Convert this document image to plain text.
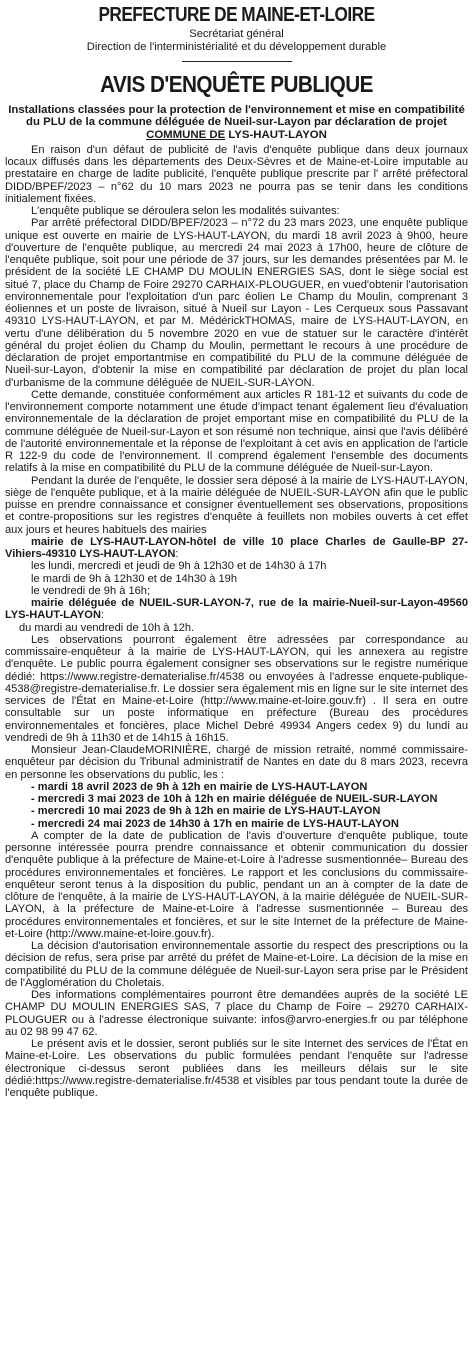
PREFECTURE DE MAINE-ET-LOIRE
Secrétariat général
Direction de l'interministérialité et du développement durable
AVIS D'ENQUÊTE PUBLIQUE
Installations classées pour la protection de l'environnement et mise en compatibilité du PLU de la commune déléguée de Nueil-sur-Layon par déclaration de projet COMMUNE DE LYS-HAUT-LAYON

En raison d'un défaut de publicité de l'avis d'enquête publique dans deux journaux locaux diffusés dans les départements des Deux-Sèvres et de Maine-et-Loire imputable au prestataire en charge de ladite publicité, l'enquête publique prescrite par l' arrêté préfectoral DIDD/BPEF/2023 – n°62 du 10 mars 2023 ne pourra pas se tenir dans les conditions initialement fixées.

L'enquête publique se déroulera selon les modalités suivantes:

Par arrêté préfectoral DIDD/BPEF/2023 – n°72 du 23 mars 2023, une enquête publique unique est ouverte en mairie de LYS-HAUT-LAYON, du mardi 18 avril 2023 à 9h00, heure d'ouverture de l'enquête publique, au mercredi 24 mai 2023 à 17h00, heure de clôture de l'enquête publique, soit pour une période de 37 jours, sur les demandes présentées par M. le président de la société LE CHAMP DU MOULIN ENERGIES SAS, dont le siège social est situé 7, place du Champ de Foire 29270 CARHAIX-PLOUGUER, en vued'obtenir l'autorisation environnementale pour l'exploitation d'un parc éolien Le Champ du Moulin, comprenant 3 éoliennes et un poste de livraison, situé à Nueil sur Layon - Les Cerqueux sous Passavant 49310 LYS-HAUT-LAYON, et par M. MédérickTHOMAS, maire de LYS-HAUT-LAYON, en vertu d'une délibération du 5 novembre 2020 en vue de statuer sur le caractère d'intérêt général du projet éolien du Champ du Moulin, permettant le recours à une procédure de déclaration de projet emportantmise en compatibilité du PLU de la commune déléguée de Nueil-sur-Layon, d'obtenir la mise en compatibilité par déclaration de projet du plan local d'urbanisme de la commune déléguée de NUEIL-SUR-LAYON.

Cette demande, constituée conformément aux articles R 181-12 et suivants du code de l'environnement comporte notamment une étude d'impact tenant également lieu d'évaluation environnementale de la déclaration de projet emportant mise en compatibilité du PLU de la commune déléguée de Nueil-sur-Layon et son résumé non technique, ainsi que l'avis délibéré de l'autorité environnementale et la réponse de l'exploitant à cet avis en application de l'article R 122-9 du code de l'environnement. Il comprend également l'ensemble des documents relatifs à la mise en compatibilité du PLU de la commune déléguée de Nueil-sur-Layon.

Pendant la durée de l'enquête, le dossier sera déposé à la mairie de LYS-HAUT-LAYON, siège de l'enquête publique, et à la mairie déléguée de NUEIL-SUR-LAYON afin que le public puisse en prendre connaissance et consigner éventuellement ses observations, propositions et contre-propositions sur les registres d'enquête à feuillets non mobiles ouverts à cet effet aux jours et heures habituels des mairies

mairie de LYS-HAUT-LAYON-hôtel de ville 10 place Charles de Gaulle-BP 27-Vihiers-49310 LYS-HAUT-LAYON:
les lundi, mercredi et jeudi de 9h à 12h30 et de 14h30 à 17h
le mardi de 9h à 12h30 et de 14h30 à 19h
le vendredi de 9h à 16h;
mairie déléguée de NUEIL-SUR-LAYON-7, rue de la mairie-Nueil-sur-Layon-49560 LYS-HAUT-LAYON:
du mardi au vendredi de 10h à 12h.

Les observations pourront également être adressées par correspondance au commissaire-enquêteur à la mairie de LYS-HAUT-LAYON, qui les annexera au registre d'enquête. Le public pourra également consigner ses observations sur le registre numérique dédié: https://www.registre-dematerialise.fr/4538 ou envoyées à l'adresse enquete-publique-4538@registre-dematerialise.fr. Le dossier sera également mis en ligne sur le site internet des services de l'État en Maine-et-Loire (http://www.maine-et-loire.gouv.fr) . Il sera en outre consultable sur un poste informatique en préfecture (Bureau des procédures environnementales et foncières, place Michel Debré 49934 Angers cedex 9) du lundi au vendredi de 9h à 11h30 et de 14h15 à 16h15.

Monsieur Jean-ClaudeMORINIÈRE, chargé de mission retraité, nommé commissaire-enquêteur par décision du Tribunal administratif de Nantes en date du 8 mars 2023, recevra en personne les observations du public, les :

- mardi 18 avril 2023 de 9h à 12h en mairie de LYS-HAUT-LAYON
- mercredi 3 mai 2023 de 10h à 12h en mairie déléguée de NUEIL-SUR-LAYON
- mercredi 10 mai 2023 de 9h à 12h en mairie de LYS-HAUT-LAYON
- mercredi 24 mai 2023 de 14h30 à 17h en mairie de LYS-HAUT-LAYON

A compter de la date de publication de l'avis d'ouverture d'enquête publique, toute personne intéressée pourra prendre connaissance et obtenir communication du dossier d'enquête publique à la préfecture de Maine-et-Loire à l'adresse susmentionnée– Bureau des procédures environnementales et foncières. Le rapport et les conclusions du commissaire-enquêteur seront tenus à la disposition du public, pendant un an à compter de la date de clôture de l'enquête, à la mairie de LYS-HAUT-LAYON, à la mairie déléguée de NUEIL-SUR-LAYON, à la préfecture de Maine-et-Loire à l'adresse susmentionnée – Bureau des procédures environnementales et foncières, et sur le site Internet de la préfecture de Maine-et-Loire (http://www.maine-et-loire.gouv.fr).

La décision d'autorisation environnementale assortie du respect des prescriptions ou la décision de refus, sera prise par arrêté du préfet de Maine-et-Loire. La décision de la mise en compatibilité du PLU de la commune déléguée de Nueil-sur-Layon sera prise par le Président de l'Agglomération du Choletais.

Des informations complémentaires pourront être demandées auprès de la société LE CHAMP DU MOULIN ENERGIES SAS, 7 place du Champ de Foire – 29270 CARHAIX-PLOUGUER ou à l'adresse électronique suivante: infos@arvro-energies.fr ou par téléphone au 02 98 99 47 62.

Le présent avis et le dossier, seront publiés sur le site Internet des services de l'État en Maine-et-Loire. Les observations du public formulées pendant l'enquête sur l'adresse électronique ci-dessus seront publiées dans les meilleurs délais sur le site dédié:https://www.registre-dematerialise.fr/4538 et visibles par tous pendant toute la durée de l'enquête publique.
